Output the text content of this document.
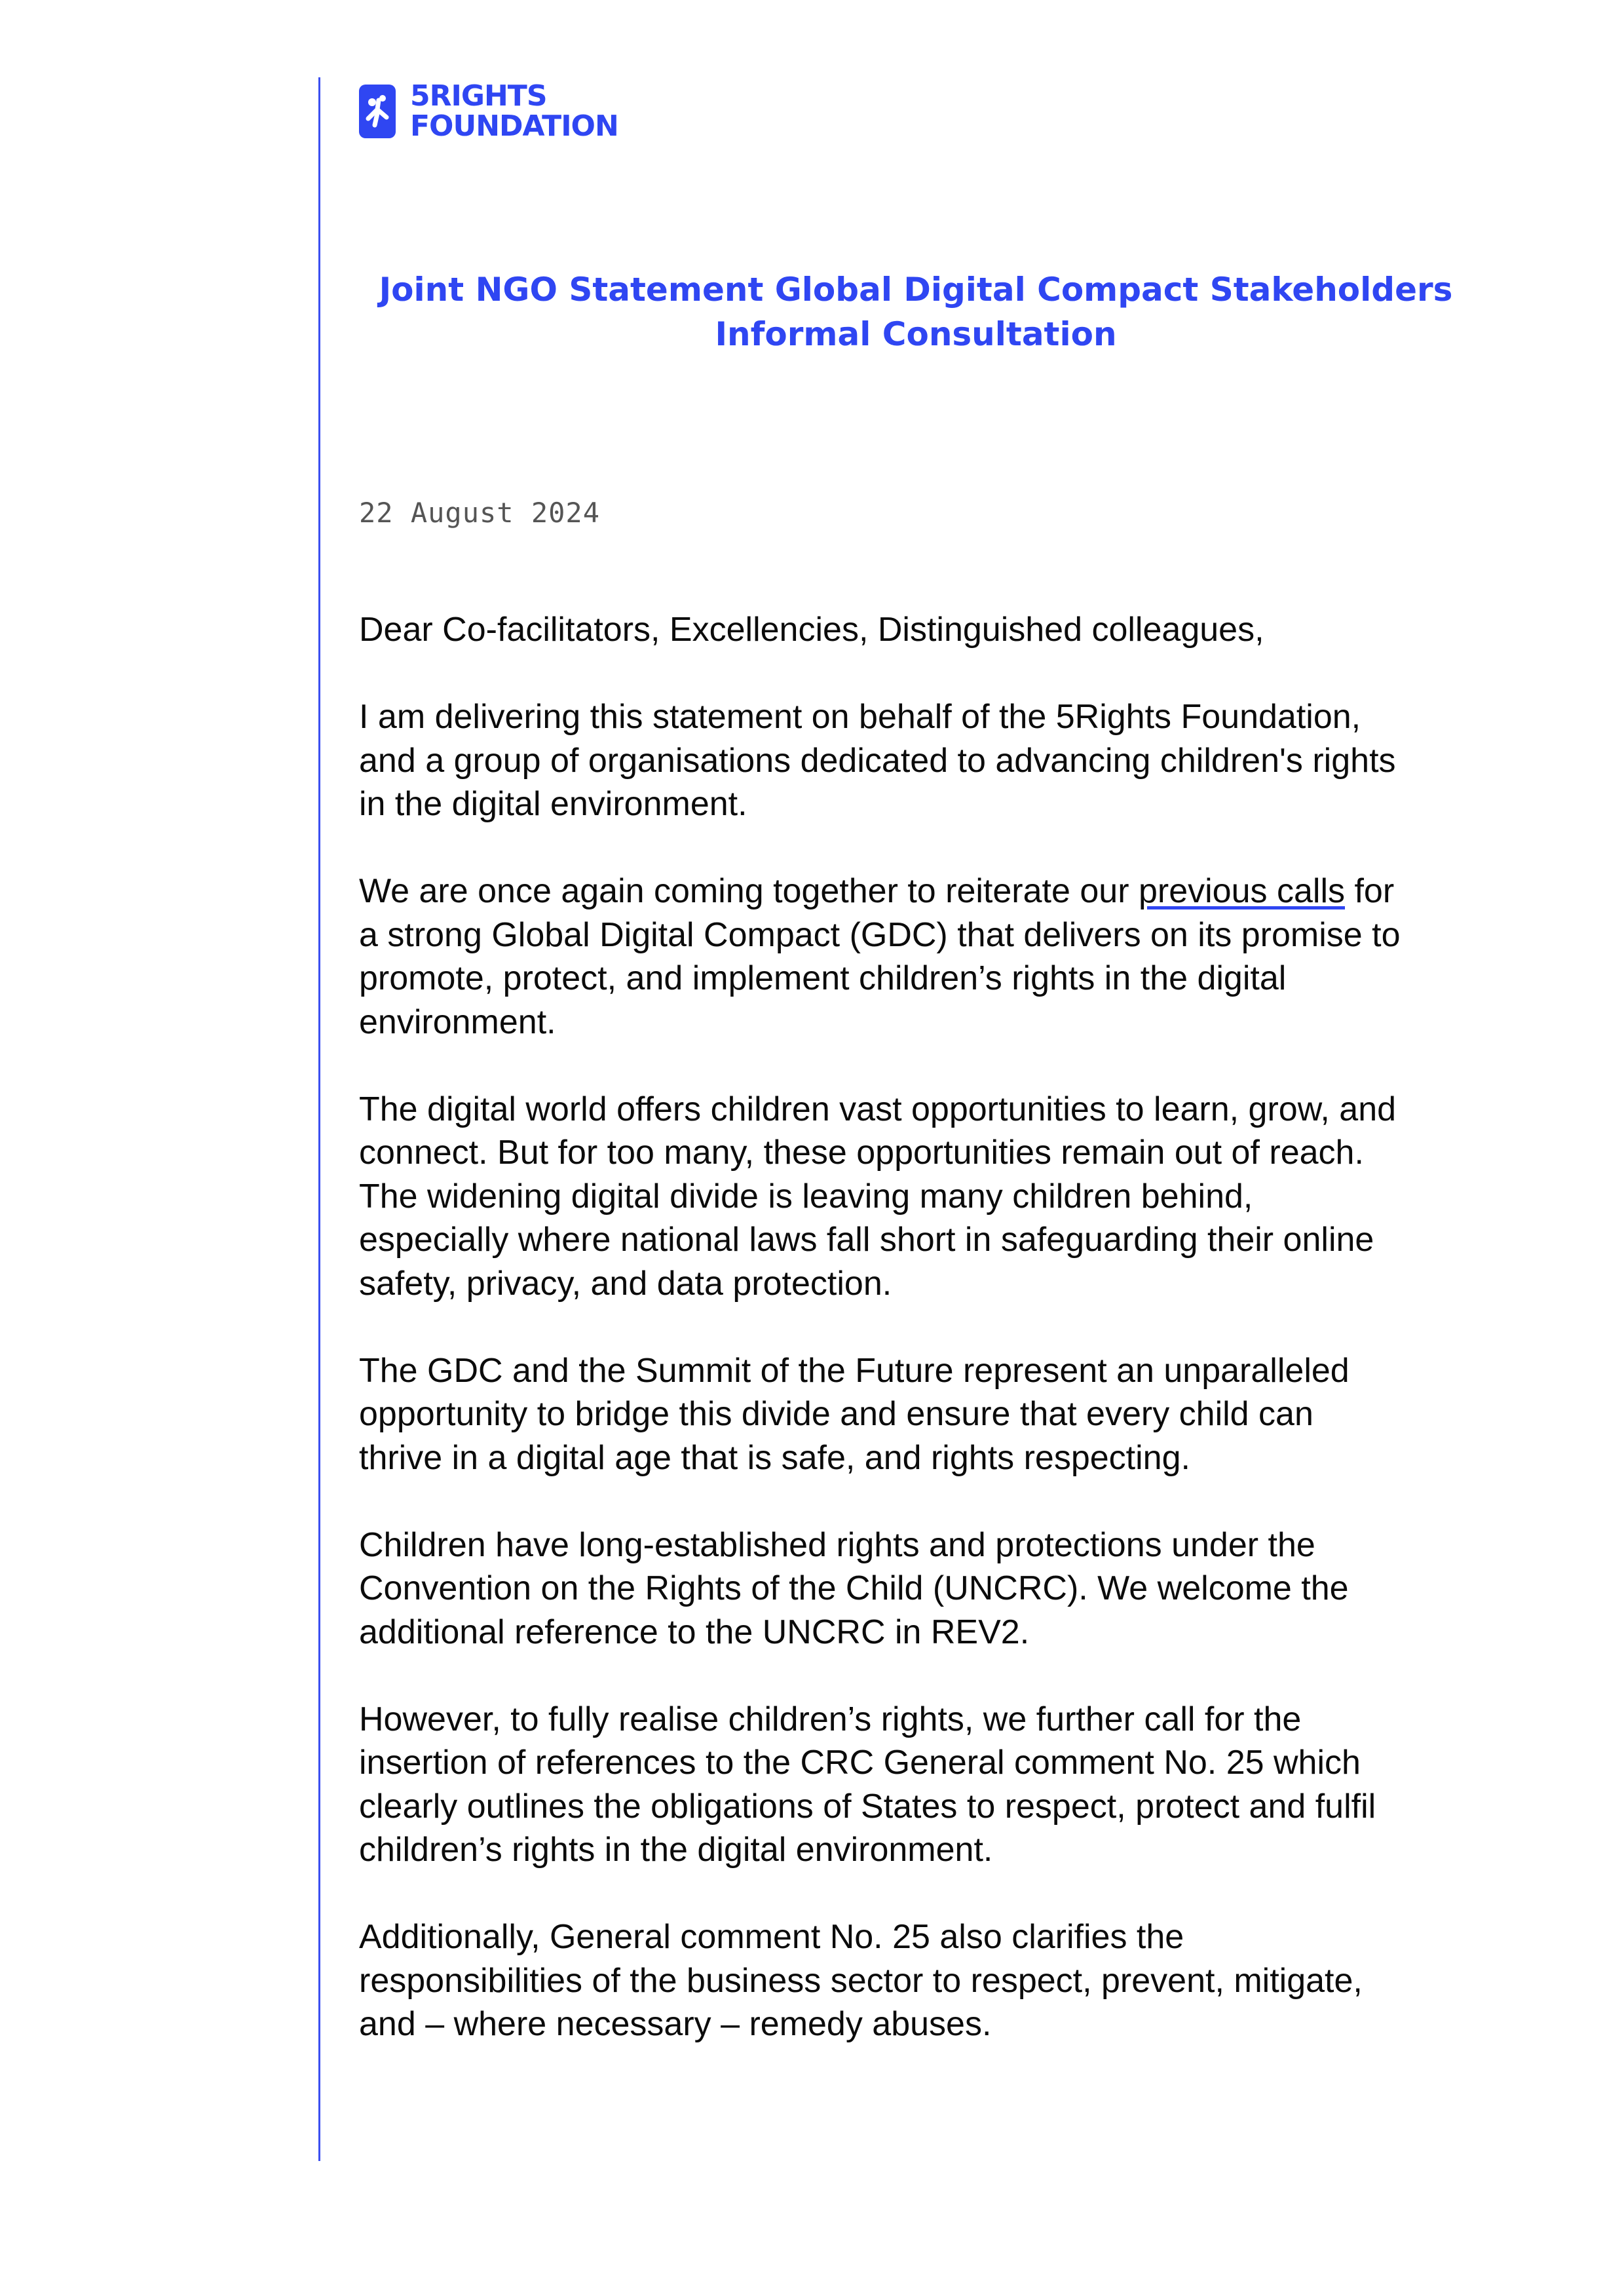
5RIGHTS
FOUNDATION
Joint NGO Statement Global Digital Compact Stakeholders
Informal Consultation
22 August 2024

Dear Co-facilitators, Excellencies, Distinguished colleagues,

I am delivering this statement on behalf of the 5Rights Foundation,
and a group of organisations dedicated to advancing children's rights
in the digital environment.

We are once again coming together to reiterate our previous calls for
a strong Global Digital Compact (GDC) that delivers on its promise to
promote, protect, and implement children’s rights in the digital
environment.

The digital world offers children vast opportunities to learn, grow, and
connect. But for too many, these opportunities remain out of reach.
The widening digital divide is leaving many children behind,
especially where national laws fall short in safeguarding their online
safety, privacy, and data protection.

The GDC and the Summit of the Future represent an unparalleled
opportunity to bridge this divide and ensure that every child can
thrive in a digital age that is safe, and rights respecting.

Children have long-established rights and protections under the
Convention on the Rights of the Child (UNCRC). We welcome the
additional reference to the UNCRC in REV2.

However, to fully realise children’s rights, we further call for the
insertion of references to the CRC General comment No. 25 which
clearly outlines the obligations of States to respect, protect and fulfil
children’s rights in the digital environment.

Additionally, General comment No. 25 also clarifies the
responsibilities of the business sector to respect, prevent, mitigate,
and – where necessary – remedy abuses.
